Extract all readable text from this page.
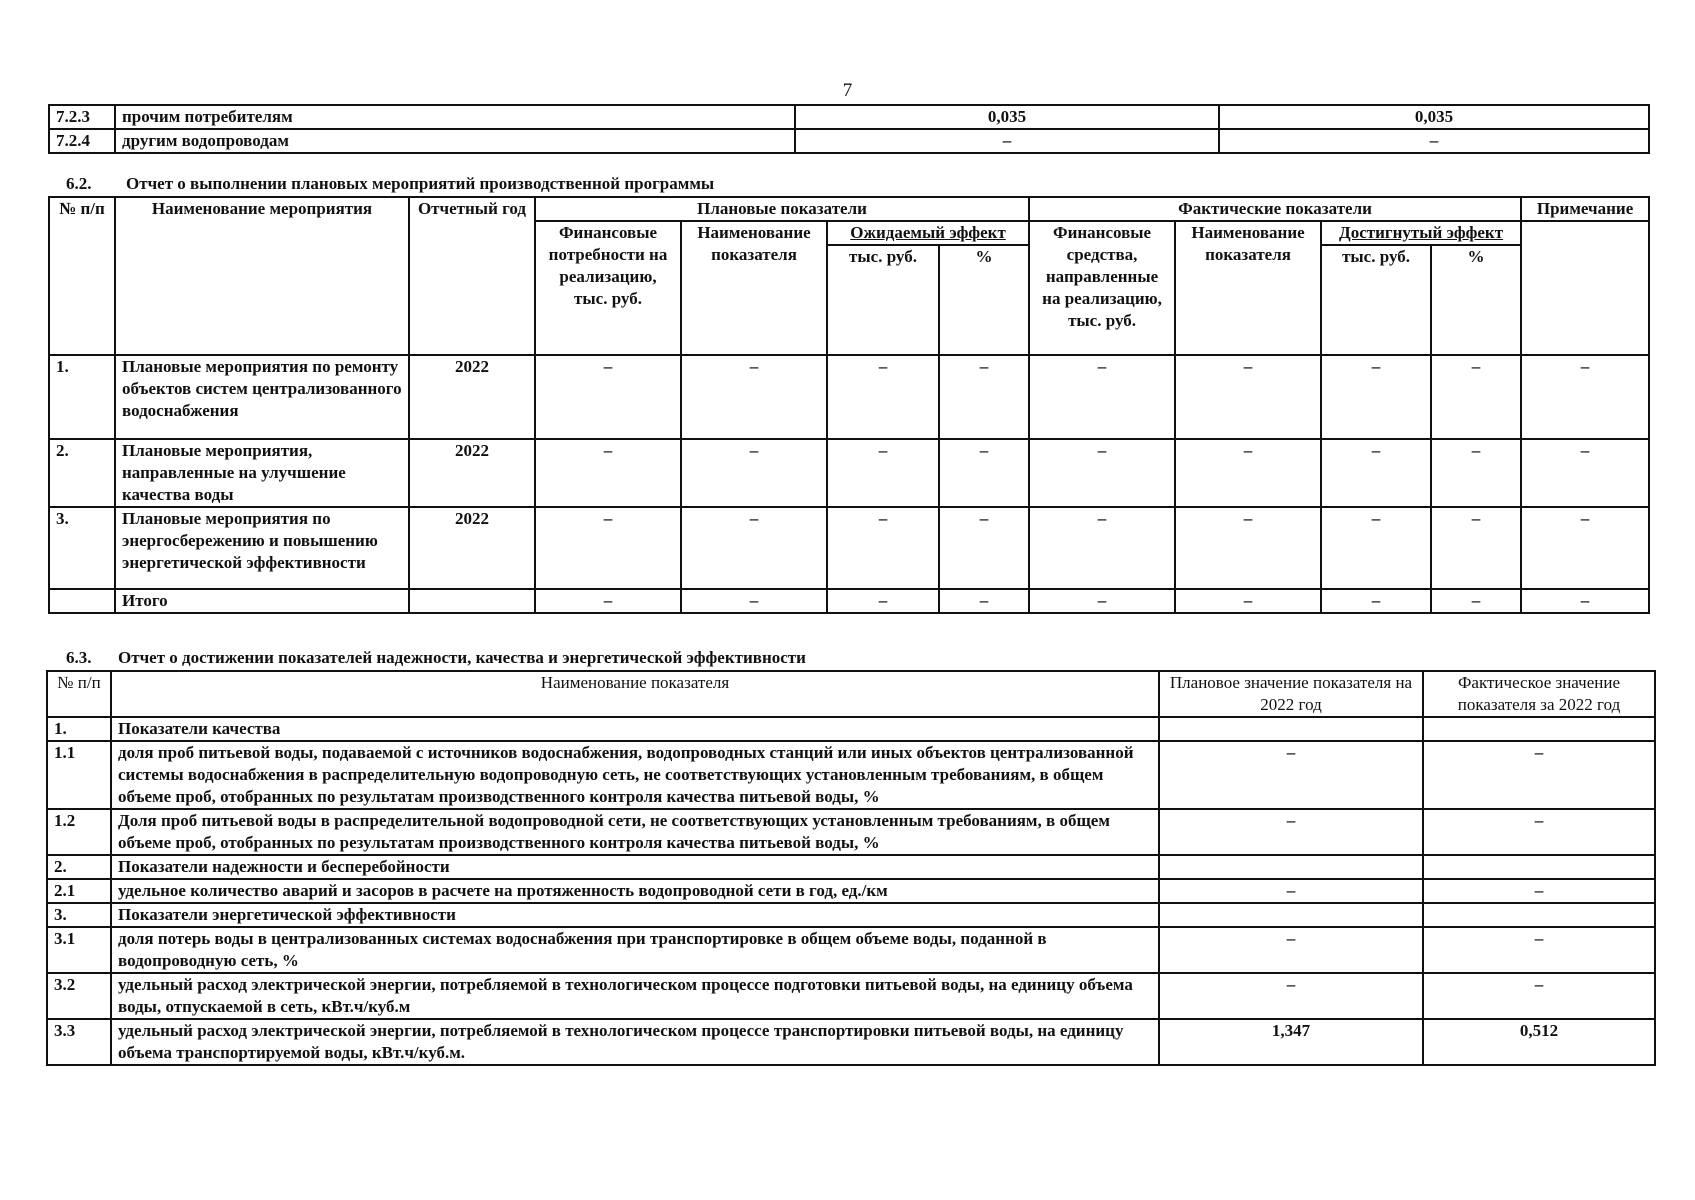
7
7.2.3	прочим потребителям	0,035	0,035
7.2.4	другим водопроводам	–	–
6.2. Отчет о выполнении плановых мероприятий производственной программы
№ п/п	Наименование мероприятия	Отчетный год	Плановые показатели				Фактические показатели				Примечание
			Финансовые потребности на реализацию, тыс. руб.	Наименование показателя	Ожидаемый эффект		Финансовые средства, направленные на реализацию, тыс. руб.	Наименование показателя	Достигнутый эффект		
					тыс. руб.	%			тыс. руб.	%	
1.	Плановые мероприятия по ремонту объектов систем централизованного водоснабжения	2022	–	–	–	–	–	–	–	–	–
2.	Плановые мероприятия, направленные на улучшение качества воды	2022	–	–	–	–	–	–	–	–	–
3.	Плановые мероприятия по энергосбережению и повышению энергетической эффективности	2022	–	–	–	–	–	–	–	–	–
	Итого		–	–	–	–	–	–	–	–	–
6.3. Отчет о достижении показателей надежности, качества и энергетической эффективности
№ п/п	Наименование показателя	Плановое значение показателя на 2022 год	Фактическое значение показателя за 2022 год
1.	Показатели качества		
1.1	доля проб питьевой воды, подаваемой с источников водоснабжения, водопроводных станций или иных объектов централизованной системы водоснабжения в распределительную водопроводную сеть, не соответствующих установленным требованиям, в общем объеме проб, отобранных по результатам производственного контроля качества питьевой воды, %	–	–
1.2	Доля проб питьевой воды в распределительной водопроводной сети, не соответствующих установленным требованиям, в общем объеме проб, отобранных по результатам производственного контроля качества питьевой воды, %	–	–
2.	Показатели надежности и бесперебойности		
2.1	удельное количество аварий и засоров в расчете на протяженность водопроводной сети в год, ед./км	–	–
3.	Показатели энергетической эффективности		
3.1	доля потерь воды в централизованных системах водоснабжения при транспортировке в общем объеме воды, поданной в водопроводную сеть, %	–	–
3.2	удельный расход электрической энергии, потребляемой в технологическом процессе подготовки питьевой воды, на единицу объема воды, отпускаемой в сеть, кВт.ч/куб.м	–	–
3.3	удельный расход электрической энергии, потребляемой в технологическом процессе транспортировки питьевой воды, на единицу объема транспортируемой воды, кВт.ч/куб.м.	1,347	0,512
